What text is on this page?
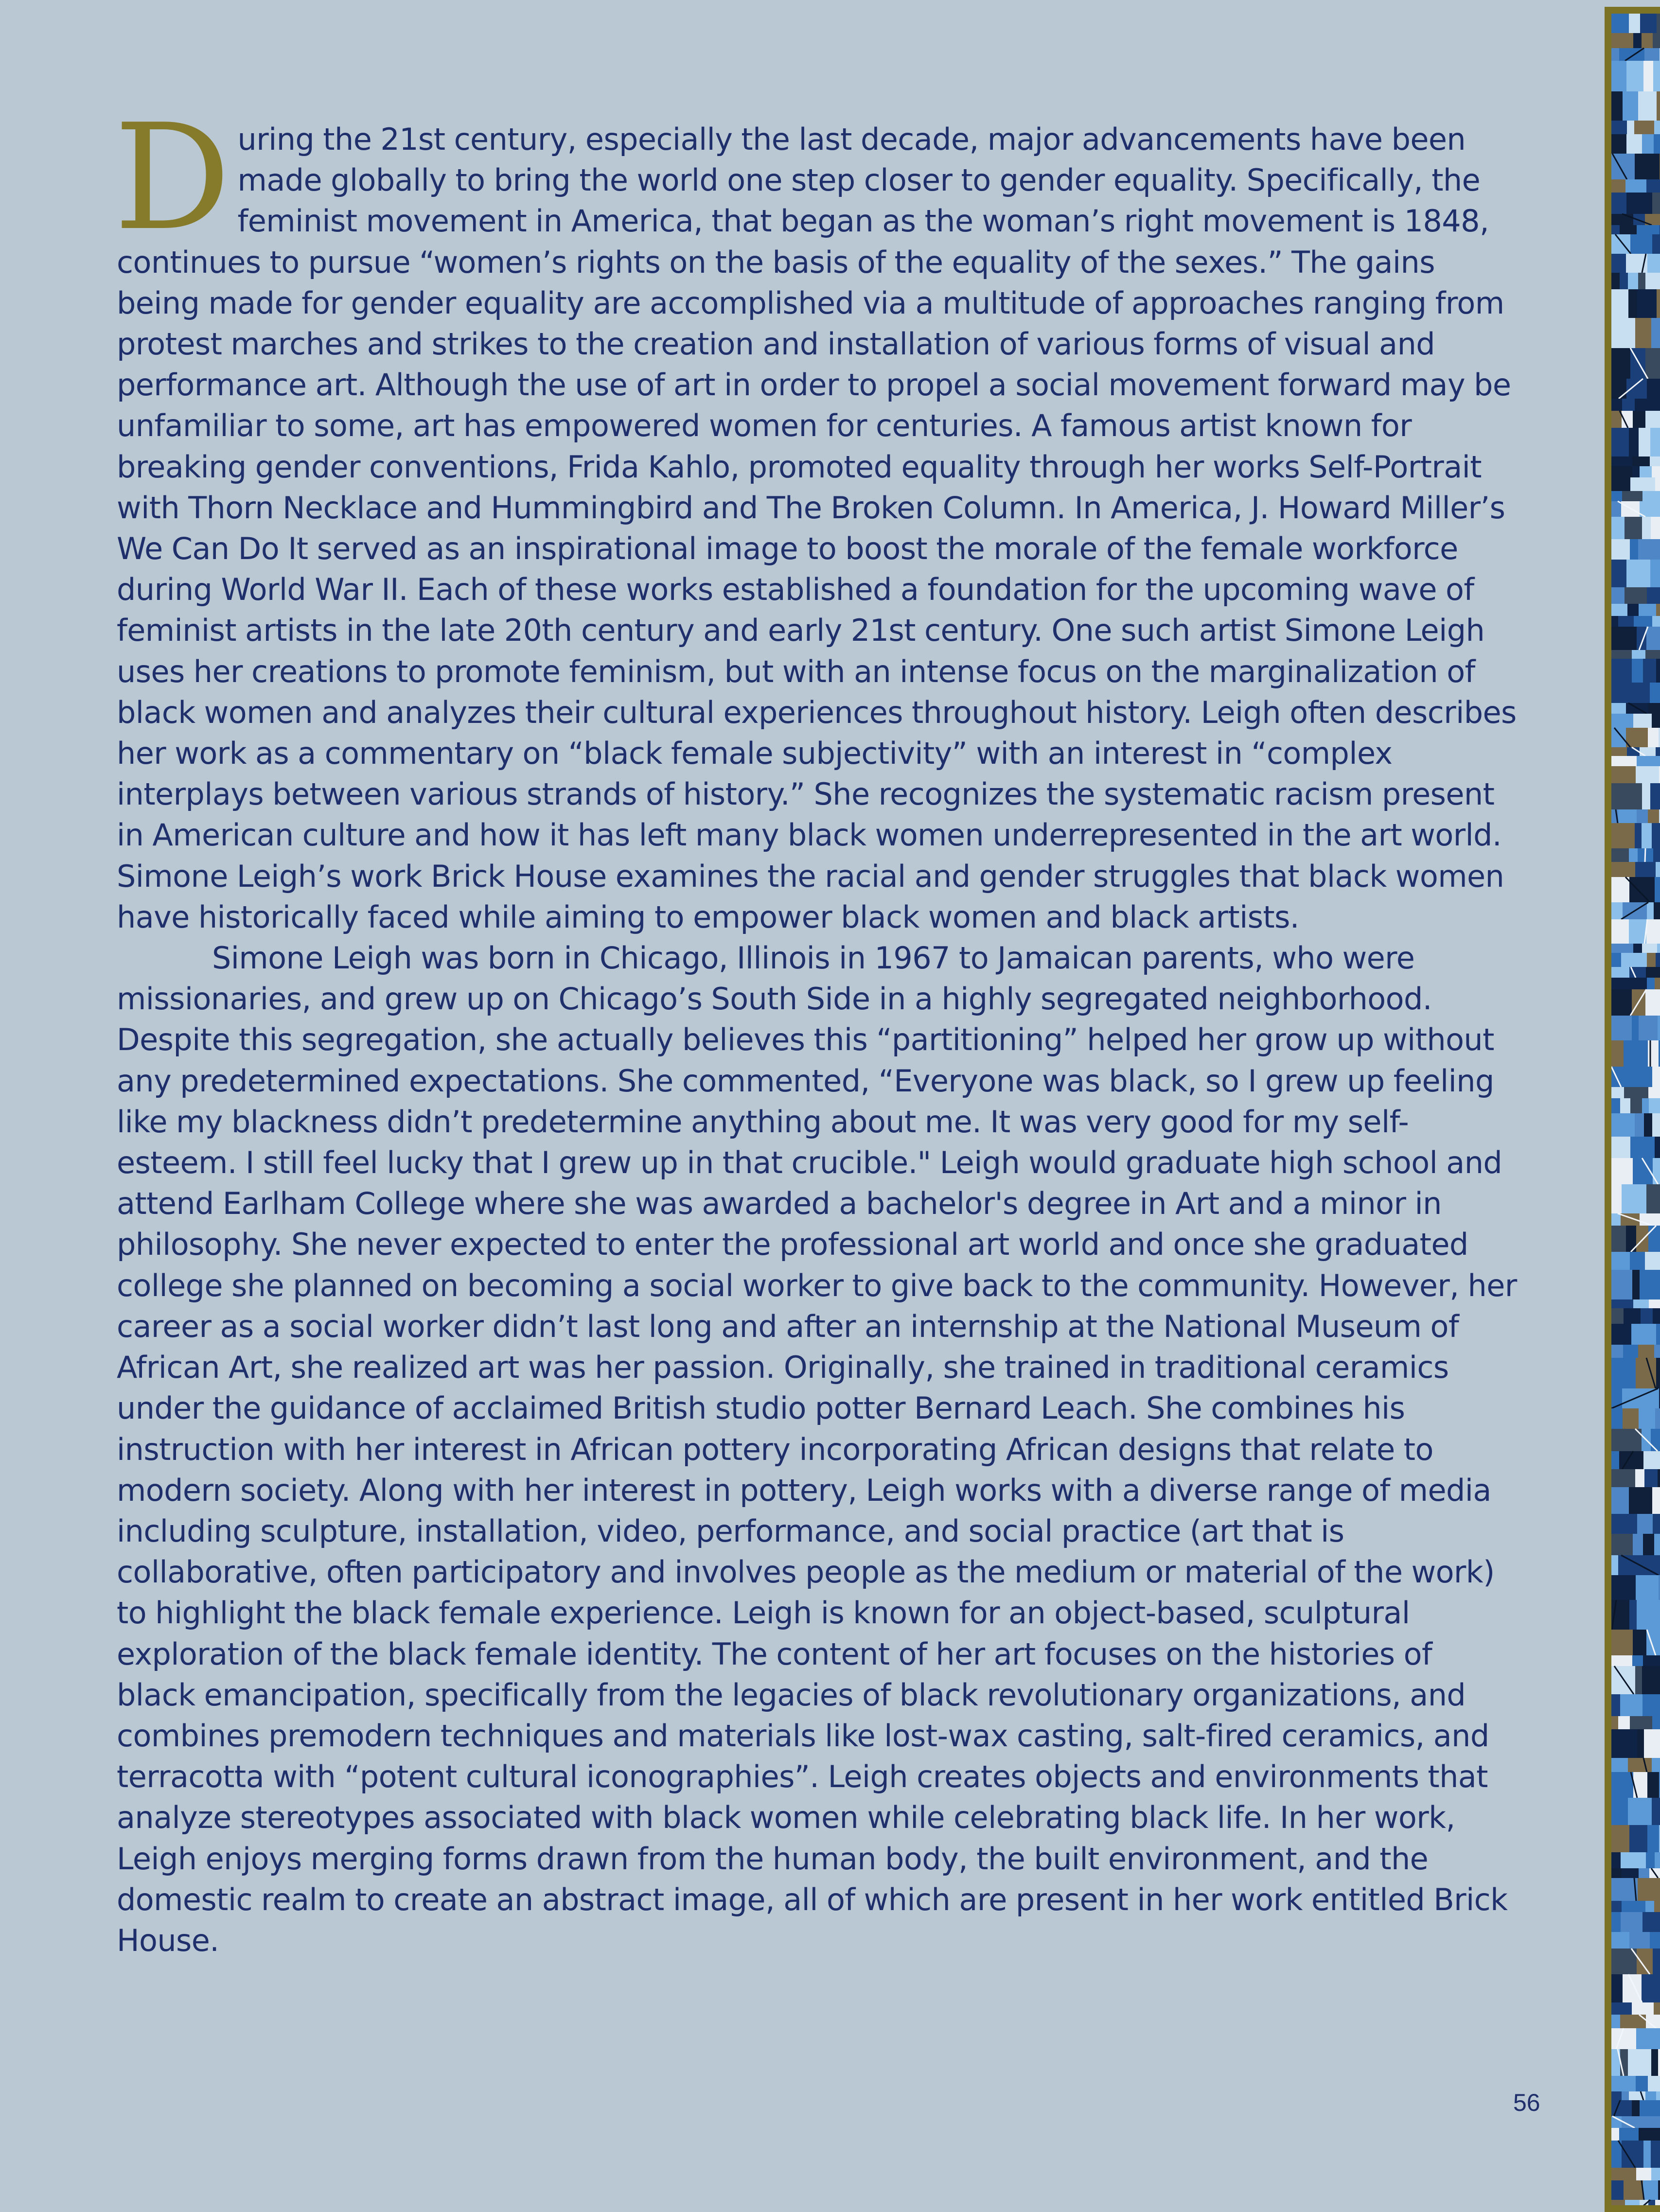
During the 21st century, especially the last decade, major advancements have been made globally to bring the world one step closer to gender equality. Specifically, the feminist movement in America, that began as the woman’s right movement is 1848, continues to pursue “women’s rights on the basis of the equality of the sexes.” The gains being made for gender equality are accomplished via a multitude of approaches ranging from protest marches and strikes to the creation and installation of various forms of visual and performance art. Although the use of art in order to propel a social movement forward may be unfamiliar to some, art has empowered women for centuries. A famous artist known for breaking gender conventions, Frida Kahlo, promoted equality through her works Self-Portrait with Thorn Necklace and Hummingbird and The Broken Column. In America, J. Howard Miller’s We Can Do It served as an inspirational image to boost the morale of the female workforce during World War II. Each of these works established a foundation for the upcoming wave of feminist artists in the late 20th century and early 21st century. One such artist Simone Leigh uses her creations to promote feminism, but with an intense focus on the marginalization of black women and analyzes their cultural experiences throughout history. Leigh often describes her work as a commentary on “black female subjectivity” with an interest in “complex interplays between various strands of history.” She recognizes the systematic racism present in American culture and how it has left many black women underrepresented in the art world. Simone Leigh’s work Brick House examines the racial and gender struggles that black women have historically faced while aiming to empower black women and black artists.

Simone Leigh was born in Chicago, Illinois in 1967 to Jamaican parents, who were missionaries, and grew up on Chicago’s South Side in a highly segregated neighborhood. Despite this segregation, she actually believes this “partitioning” helped her grow up without any predetermined expectations. She commented, “Everyone was black, so I grew up feeling like my blackness didn’t predetermine anything about me. It was very good for my self-esteem. I still feel lucky that I grew up in that crucible." Leigh would graduate high school and attend Earlham College where she was awarded a bachelor's degree in Art and a minor in philosophy. She never expected to enter the professional art world and once she graduated college she planned on becoming a social worker to give back to the community. However, her career as a social worker didn’t last long and after an internship at the National Museum of African Art, she realized art was her passion. Originally, she trained in traditional ceramics under the guidance of acclaimed British studio potter Bernard Leach. She combines his instruction with her interest in African pottery incorporating African designs that relate to modern society. Along with her interest in pottery, Leigh works with a diverse range of media including sculpture, installation, video, performance, and social practice (art that is collaborative, often participatory and involves people as the medium or material of the work) to highlight the black female experience. Leigh is known for an object-based, sculptural exploration of the black female identity. The content of her art focuses on the histories of black emancipation, specifically from the legacies of black revolutionary organizations, and combines premodern techniques and materials like lost-wax casting, salt-fired ceramics, and terracotta with “potent cultural iconographies”. Leigh creates objects and environments that analyze stereotypes associated with black women while celebrating black life. In her work, Leigh enjoys merging forms drawn from the human body, the built environment, and the domestic realm to create an abstract image, all of which are present in her work entitled Brick House.

56
